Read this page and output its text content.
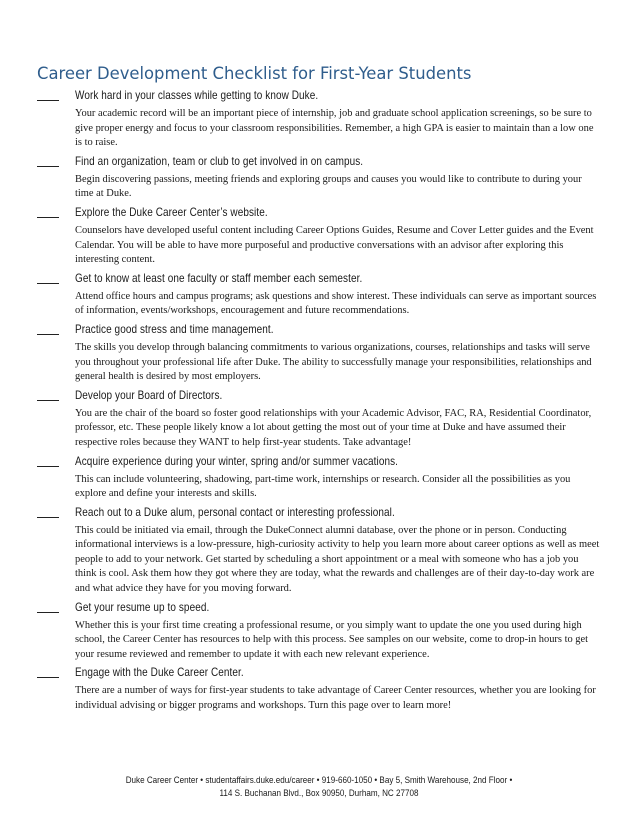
Career Development Checklist for First-Year Students
Work hard in your classes while getting to know Duke.
Your academic record will be an important piece of internship, job and graduate school application screenings, so be sure to give proper energy and focus to your classroom responsibilities. Remember, a high GPA is easier to maintain than a low one is to raise.
Find an organization, team or club to get involved in on campus.
Begin discovering passions, meeting friends and exploring groups and causes you would like to contribute to during your time at Duke.
Explore the Duke Career Center’s website.
Counselors have developed useful content including Career Options Guides, Resume and Cover Letter guides and the Event Calendar. You will be able to have more purposeful and productive conversations with an advisor after exploring this interesting content.
Get to know at least one faculty or staff member each semester.
Attend office hours and campus programs; ask questions and show interest. These individuals can serve as important sources of information, events/workshops, encouragement and future recommendations.
Practice good stress and time management.
The skills you develop through balancing commitments to various organizations, courses, relationships and tasks will serve you throughout your professional life after Duke. The ability to successfully manage your responsibilities, relationships and general health is desired by most employers.
Develop your Board of Directors.
You are the chair of the board so foster good relationships with your Academic Advisor, FAC, RA, Residential Coordinator, professor, etc. These people likely know a lot about getting the most out of your time at Duke and have assumed their respective roles because they WANT to help first-year students. Take advantage!
Acquire experience during your winter, spring and/or summer vacations.
This can include volunteering, shadowing, part-time work, internships or research. Consider all the possibilities as you explore and define your interests and skills.
Reach out to a Duke alum, personal contact or interesting professional.
This could be initiated via email, through the DukeConnect alumni database, over the phone or in person. Conducting informational interviews is a low-pressure, high-curiosity activity to help you learn more about career options as well as meet people to add to your network. Get started by scheduling a short appointment or a meal with someone who has a job you think is cool. Ask them how they got where they are today, what the rewards and challenges are of their day-to-day work are and what advice they have for you moving forward.
Get your resume up to speed.
Whether this is your first time creating a professional resume, or you simply want to update the one you used during high school, the Career Center has resources to help with this process. See samples on our website, come to drop-in hours to get your resume reviewed and remember to update it with each new relevant experience.
Engage with the Duke Career Center.
There are a number of ways for first-year students to take advantage of Career Center resources, whether you are looking for individual advising or bigger programs and workshops. Turn this page over to learn more!
Duke Career Center • studentaffairs.duke.edu/career • 919-660-1050 • Bay 5, Smith Warehouse, 2nd Floor •
114 S. Buchanan Blvd., Box 90950, Durham, NC 27708
